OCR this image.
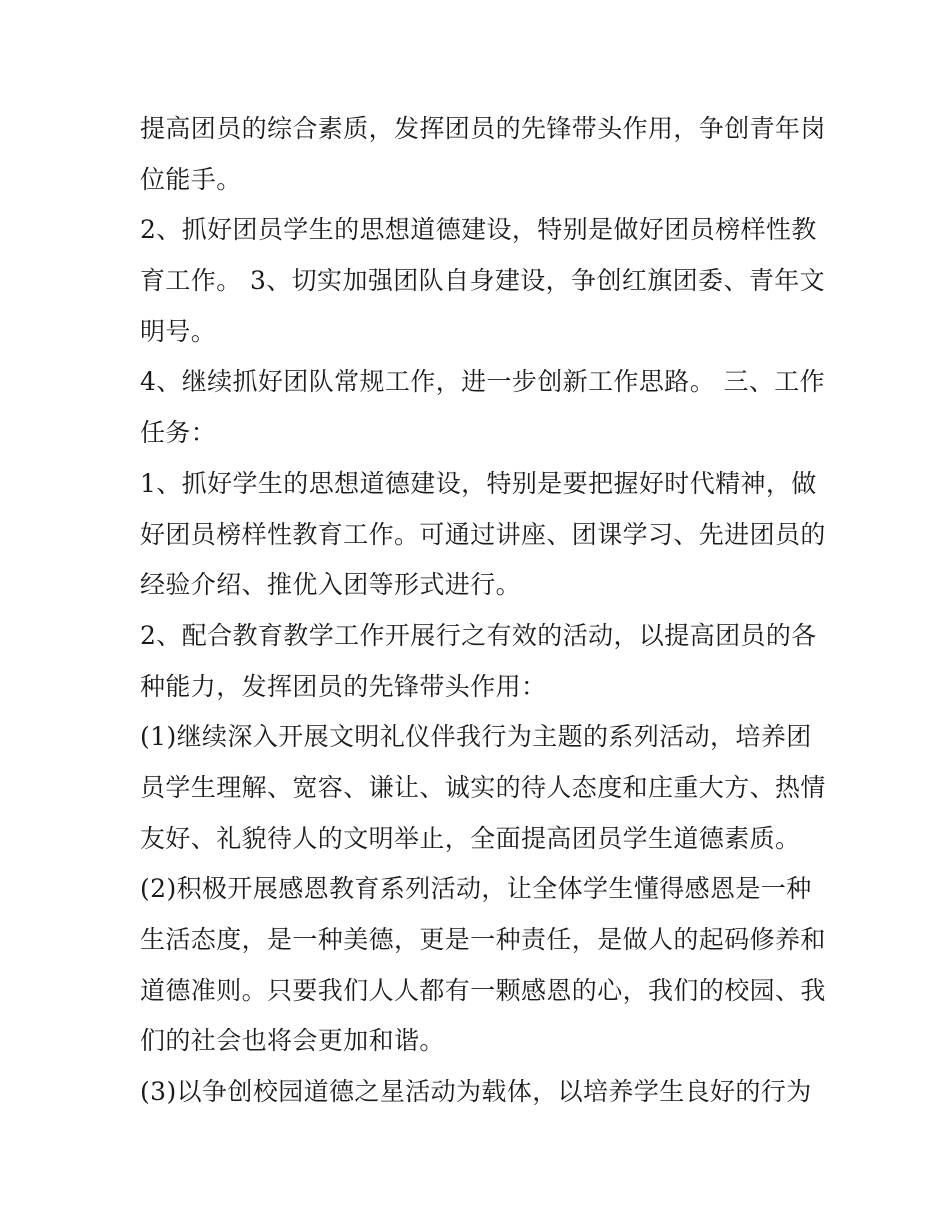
提高团员的综合素质，发挥团员的先锋带头作用，争创青年岗
位能手。
2、抓好团员学生的思想道德建设，特别是做好团员榜样性教
育工作。 3、切实加强团队自身建设，争创红旗团委、青年文
明号。
4、继续抓好团队常规工作，进一步创新工作思路。 三、工作
任务：
1、抓好学生的思想道德建设，特别是要把握好时代精神，做
好团员榜样性教育工作。可通过讲座、团课学习、先进团员的
经验介绍、推优入团等形式进行。
2、配合教育教学工作开展行之有效的活动，以提高团员的各
种能力，发挥团员的先锋带头作用：
(1)继续深入开展文明礼仪伴我行为主题的系列活动，培养团
员学生理解、宽容、谦让、诚实的待人态度和庄重大方、热情
友好、礼貌待人的文明举止，全面提高团员学生道德素质。
(2)积极开展感恩教育系列活动，让全体学生懂得感恩是一种
生活态度，是一种美德，更是一种责任，是做人的起码修养和
道德准则。只要我们人人都有一颗感恩的心，我们的校园、我
们的社会也将会更加和谐。
(3)以争创校园道德之星活动为载体，以培养学生良好的行为
